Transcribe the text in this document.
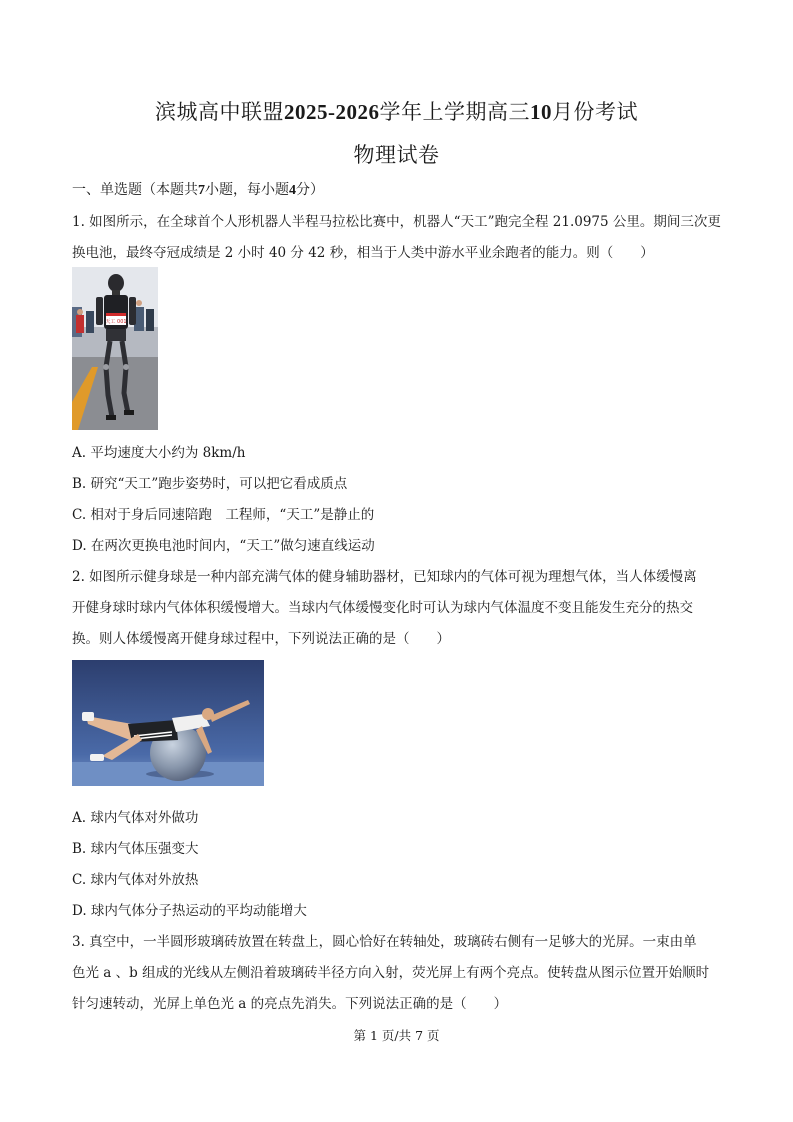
滨城高中联盟2025-2026学年上学期高三10月份考试
物理试卷
一、单选题（本题共7小题，每小题4分）
1. 如图所示，在全球首个人形机器人半程马拉松比赛中，机器人“天工”跑完全程 21.0975 公里。期间三次更
换电池，最终夺冠成绩是 2 小时 40 分 42 秒，相当于人类中游水平业余跑者的能力。则（　　）
天工 001
A. 平均速度大小约为 8km/h
B. 研究“天工”跑步姿势时，可以把它看成质点
C. 相对于身后同速陪跑　工程师，“天工”是静止的
D. 在两次更换电池时间内，“天工”做匀速直线运动
2. 如图所示健身球是一种内部充满气体的健身辅助器材，已知球内的气体可视为理想气体，当人体缓慢离
开健身球时球内气体体积缓慢增大。当球内气体缓慢变化时可认为球内气体温度不变且能发生充分的热交
换。则人体缓慢离开健身球过程中，下列说法正确的是（　　）
A. 球内气体对外做功
B. 球内气体压强变大
C. 球内气体对外放热
D. 球内气体分子热运动的平均动能增大
3. 真空中，一半圆形玻璃砖放置在转盘上，圆心恰好在转轴处，玻璃砖右侧有一足够大的光屏。一束由单
色光 a 、b 组成的光线从左侧沿着玻璃砖半径方向入射，荧光屏上有两个亮点。使转盘从图示位置开始顺时
针匀速转动，光屏上单色光 a 的亮点先消失。下列说法正确的是（　　）
第 1 页/共 7 页
